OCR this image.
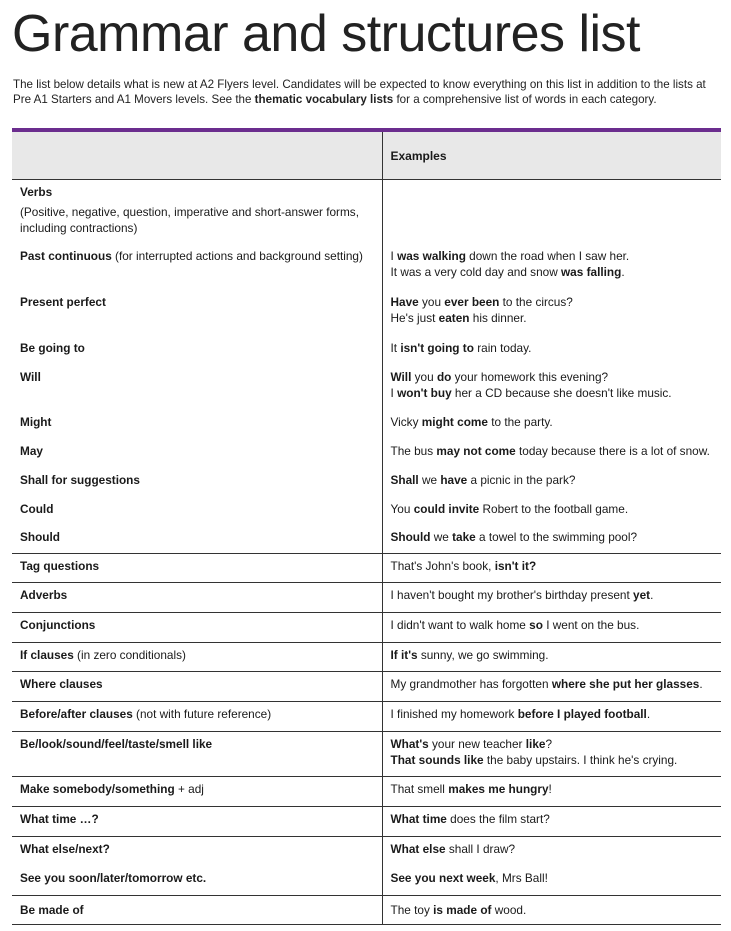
Grammar and structures list

The list below details what is new at A2 Flyers level. Candidates will be expected to know everything on this list in addition to the lists at Pre A1 Starters and A1 Movers levels. See the thematic vocabulary lists for a comprehensive list of words in each category.

	Examples
Verbs
(Positive, negative, question, imperative and short-answer forms, including contractions)	

Past continuous (for interrupted actions and background setting)	I was walking down the road when I saw her.
It was a very cold day and snow was falling.

Present perfect	Have you ever been to the circus?
He's just eaten his dinner.

Be going to	It isn't going to rain today.
Will	Will you do your homework this evening?
I won't buy her a CD because she doesn't like music.

Might	Vicky might come to the party.
May	The bus may not come today because there is a lot of snow.
Shall for suggestions	Shall we have a picnic in the park?
Could	You could invite Robert to the football game.
Should	Should we take a towel to the swimming pool?
Tag questions	That's John's book, isn't it?
Adverbs	I haven't bought my brother's birthday present yet.
Conjunctions	I didn't want to walk home so I went on the bus.
If clauses (in zero conditionals)	If it's sunny, we go swimming.
Where clauses	My grandmother has forgotten where she put her glasses.
Before/after clauses (not with future reference)	I finished my homework before I played football.
Be/look/sound/feel/taste/smell like	What's your new teacher like?
That sounds like the baby upstairs. I think he's crying.

Make somebody/something + adj	That smell makes me hungry!
What time …?	What time does the film start?
What else/next?	What else shall I draw?
See you soon/later/tomorrow etc.	See you next week, Mrs Ball!
Be made of	The toy is made of wood.
